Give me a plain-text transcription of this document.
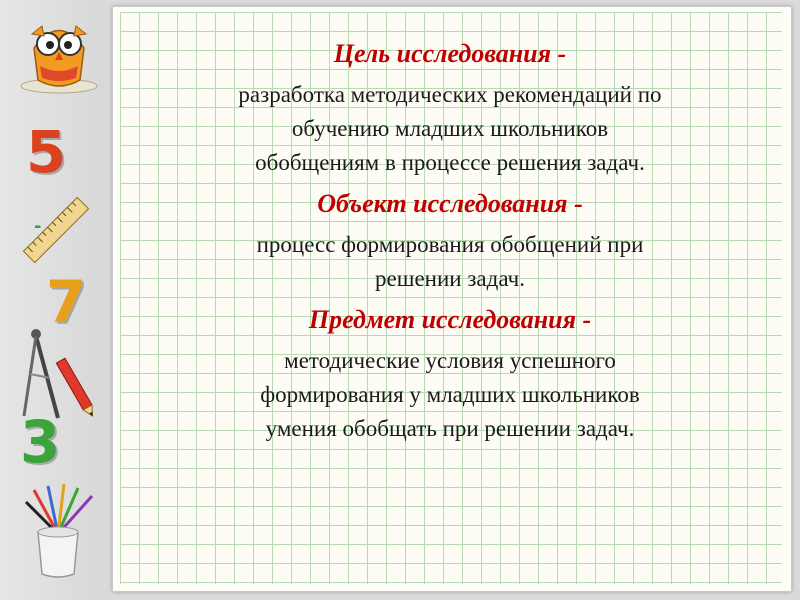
5
-
7
3

Цель исследования -

разработка методических рекомендаций по
обучению младших школьников
обобщениям в процессе решения задач.

Объект исследования -

процесс формирования обобщений при
решении задач.

Предмет исследования -

методические условия успешного
формирования у младших школьников
умения обобщать при решении задач.
